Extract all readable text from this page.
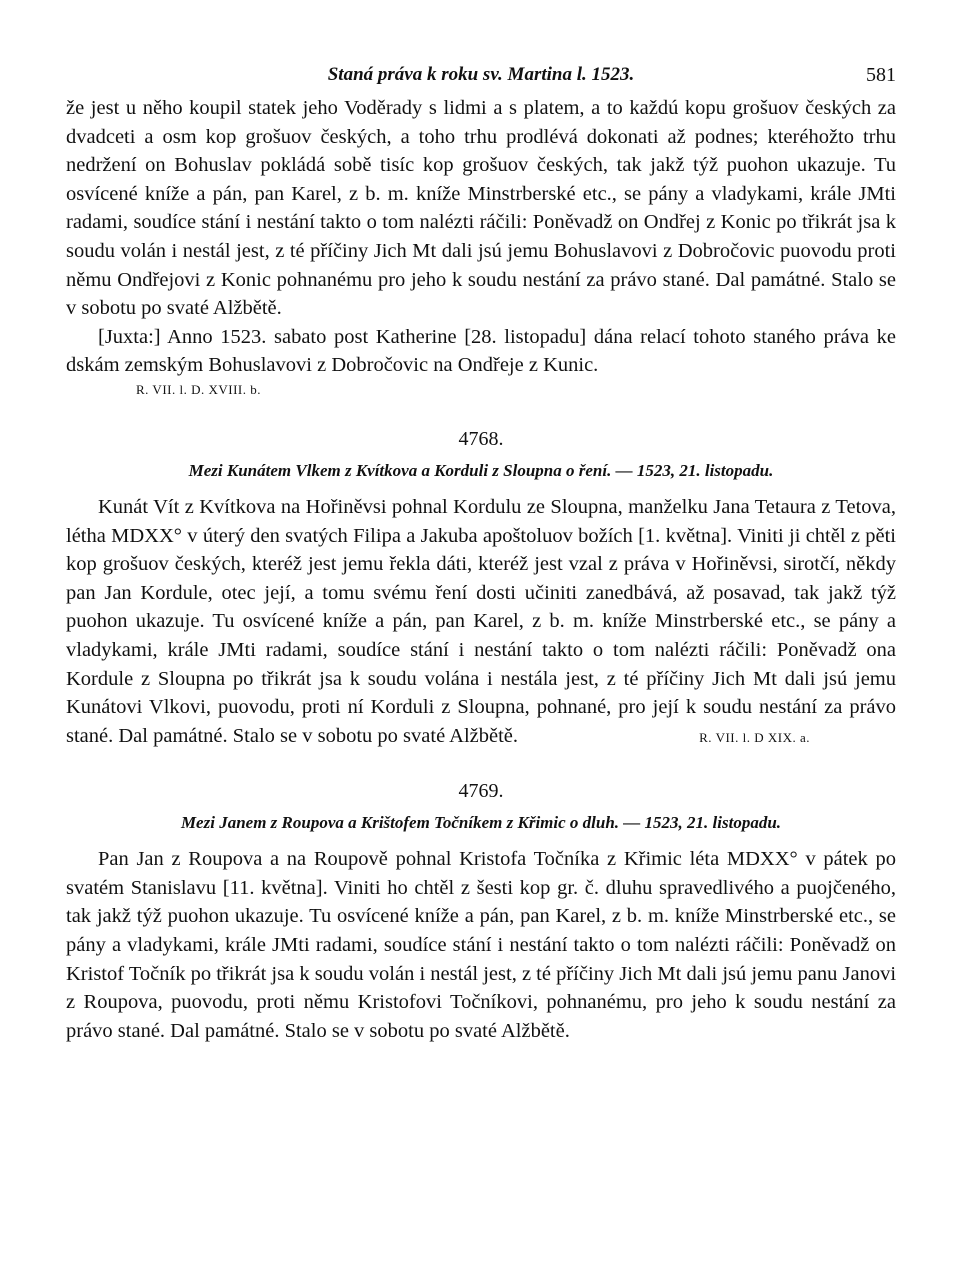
Staná práva k roku sv. Martina l. 1523.	581

že jest u něho koupil statek jeho Voděrady s lidmi a s platem, a to každú kopu grošuov českých za dvadceti a osm kop grošuov českých, a toho trhu prodlévá dokonati až podnes; kteréhožto trhu nedržení on Bohuslav pokládá sobě tisíc kop grošuov českých, tak jakž týž puohon ukazuje. Tu osvícené kníže a pán, pan Karel, z b. m. kníže Minstrberské etc., se pány a vladykami, krále JMti radami, soudíce stání i nestání takto o tom nalézti ráčili: Poněvadž on Ondřej z Konic po třikrát jsa k soudu volán i nestál jest, z té příčiny Jich Mt dali jsú jemu Bohuslavovi z Dobročovic puovodu proti němu Ondřejovi z Konic pohnanému pro jeho k soudu nestání za právo stané. Dal památné. Stalo se v sobotu po svaté Alžbětě.

[Juxta:] Anno 1523. sabato post Katherine [28. listopadu] dána relací tohoto staného práva ke dskám zemským Bohuslavovi z Dobročovic na Ondřeje z Kunic.

R. VII. l. D. XVIII. b.
4768.
Mezi Kunátem Vlkem z Kvítkova a Korduli z Sloupna o ření. — 1523, 21. listopadu.

Kunát Vít z Kvítkova na Hořiněvsi pohnal Kordulu ze Sloupna, manželku Jana Tetaura z Tetova, létha MDXX° v úterý den svatých Filipa a Jakuba apoštoluov božích [1. května]. Viniti ji chtěl z pěti kop grošuov českých, kteréž jest jemu řekla dáti, kteréž jest vzal z práva v Hořiněvsi, sirotčí, někdy pan Jan Kordule, otec její, a tomu svému ření dosti učiniti zanedbává, až posavad, tak jakž týž puohon ukazuje. Tu osvícené kníže a pán, pan Karel, z b. m. kníže Minstrberské etc., se pány a vladykami, krále JMti radami, soudíce stání i nestání takto o tom nalézti ráčili: Poněvadž ona Kordule z Sloupna po třikrát jsa k soudu volána i nestála jest, z té příčiny Jich Mt dali jsú jemu Kunátovi Vlkovi, puovodu, proti ní Korduli z Sloupna, pohnané, pro její k soudu nestání za právo stané. Dal památné. Stalo se v sobotu po svaté Alžbětě.	R. VII. l. D XIX. a.
4769.
Mezi Janem z Roupova a Krištofem Točníkem z Křimic o dluh. — 1523, 21. listopadu.

Pan Jan z Roupova a na Roupově pohnal Kristofa Točníka z Křimic léta MDXX° v pátek po svatém Stanislavu [11. května]. Viniti ho chtěl z šesti kop gr. č. dluhu spravedlivého a puojčeného, tak jakž týž puohon ukazuje. Tu osvícené kníže a pán, pan Karel, z b. m. kníže Minstrberské etc., se pány a vladykami, krále JMti radami, soudíce stání i nestání takto o tom nalézti ráčili: Poněvadž on Kristof Točník po třikrát jsa k soudu volán i nestál jest, z té příčiny Jich Mt dali jsú jemu panu Janovi z Roupova, puovodu, proti němu Kristofovi Točníkovi, pohnanému, pro jeho k soudu nestání za právo stané. Dal památné. Stalo se v sobotu po svaté Alžbětě.
